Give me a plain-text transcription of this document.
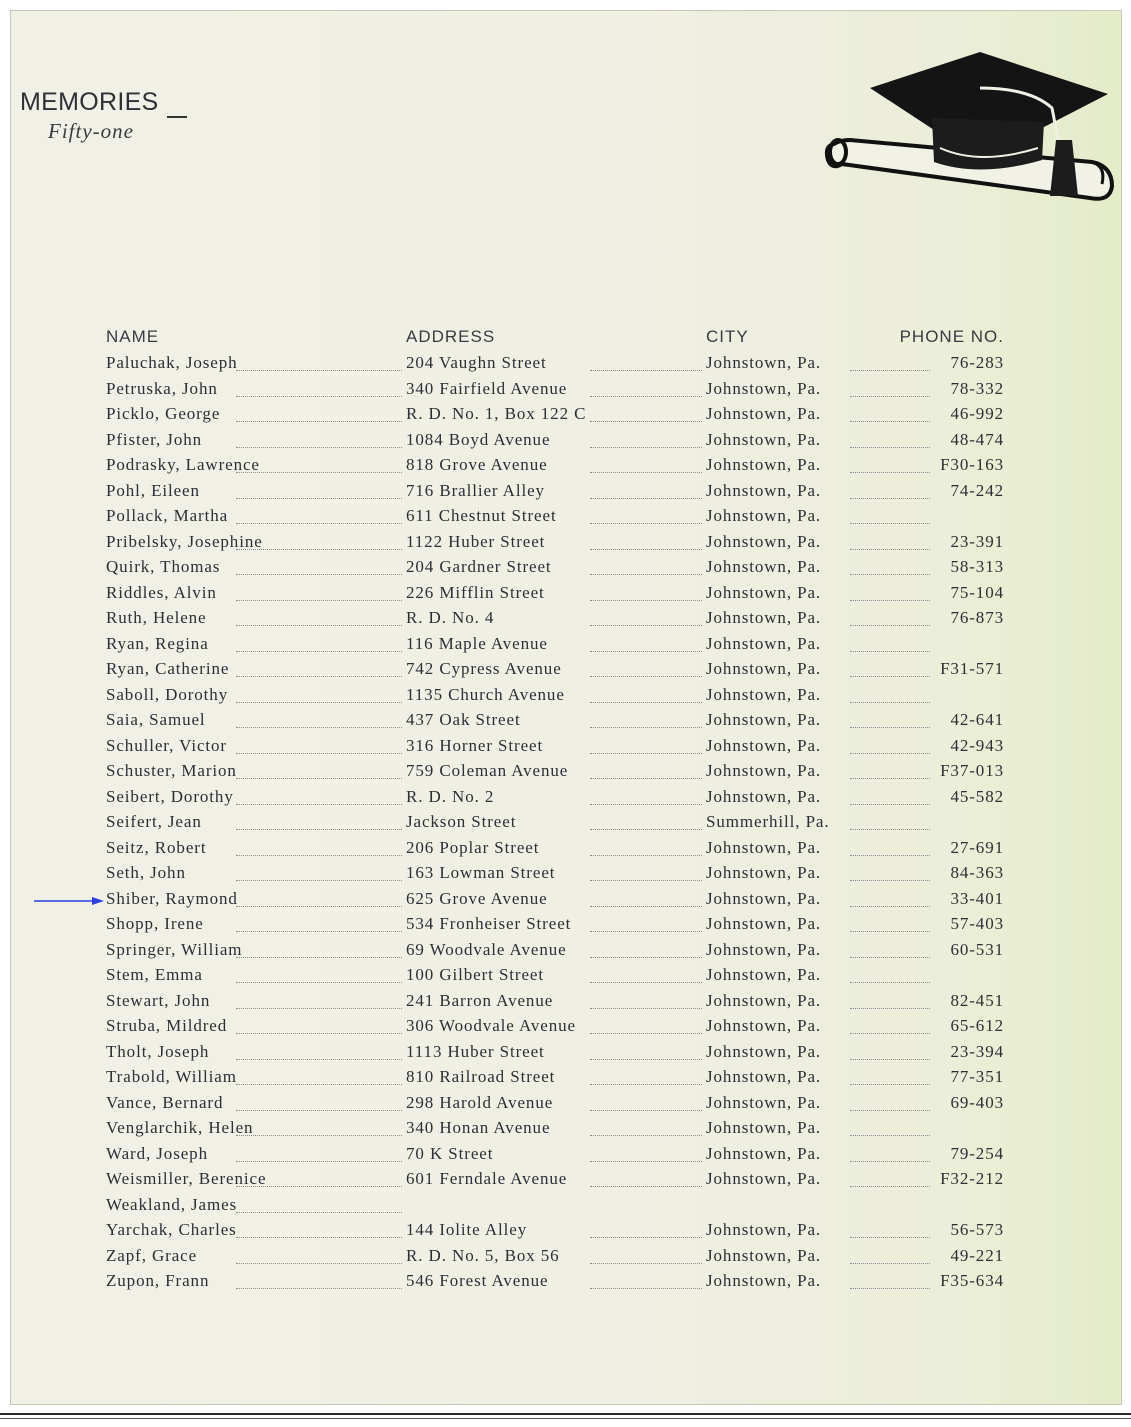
MEMORIES
Fifty-one
NAME	ADDRESS	CITY	PHONE NO.
Paluchak, Joseph	204 Vaughn Street	Johnstown, Pa.	76-283
Petruska, John	340 Fairfield Avenue	Johnstown, Pa.	78-332
Picklo, George	R. D. No. 1, Box 122 C	Johnstown, Pa.	46-992
Pfister, John	1084 Boyd Avenue	Johnstown, Pa.	48-474
Podrasky, Lawrence	818 Grove Avenue	Johnstown, Pa.	F30-163
Pohl, Eileen	716 Brallier Alley	Johnstown, Pa.	74-242
Pollack, Martha	611 Chestnut Street	Johnstown, Pa.
Pribelsky, Josephine	1122 Huber Street	Johnstown, Pa.	23-391
Quirk, Thomas	204 Gardner Street	Johnstown, Pa.	58-313
Riddles, Alvin	226 Mifflin Street	Johnstown, Pa.	75-104
Ruth, Helene	R. D. No. 4	Johnstown, Pa.	76-873
Ryan, Regina	116 Maple Avenue	Johnstown, Pa.
Ryan, Catherine	742 Cypress Avenue	Johnstown, Pa.	F31-571
Saboll, Dorothy	1135 Church Avenue	Johnstown, Pa.
Saia, Samuel	437 Oak Street	Johnstown, Pa.	42-641
Schuller, Victor	316 Horner Street	Johnstown, Pa.	42-943
Schuster, Marion	759 Coleman Avenue	Johnstown, Pa.	F37-013
Seibert, Dorothy	R. D. No. 2	Johnstown, Pa.	45-582
Seifert, Jean	Jackson Street	Summerhill, Pa.
Seitz, Robert	206 Poplar Street	Johnstown, Pa.	27-691
Seth, John	163 Lowman Street	Johnstown, Pa.	84-363
Shiber, Raymond	625 Grove Avenue	Johnstown, Pa.	33-401
Shopp, Irene	534 Fronheiser Street	Johnstown, Pa.	57-403
Springer, William	69 Woodvale Avenue	Johnstown, Pa.	60-531
Stem, Emma	100 Gilbert Street	Johnstown, Pa.
Stewart, John	241 Barron Avenue	Johnstown, Pa.	82-451
Struba, Mildred	306 Woodvale Avenue	Johnstown, Pa.	65-612
Tholt, Joseph	1113 Huber Street	Johnstown, Pa.	23-394
Trabold, William	810 Railroad Street	Johnstown, Pa.	77-351
Vance, Bernard	298 Harold Avenue	Johnstown, Pa.	69-403
Venglarchik, Helen	340 Honan Avenue	Johnstown, Pa.
Ward, Joseph	70 K Street	Johnstown, Pa.	79-254
Weismiller, Berenice	601 Ferndale Avenue	Johnstown, Pa.	F32-212
Weakland, James
Yarchak, Charles	144 Iolite Alley	Johnstown, Pa.	56-573
Zapf, Grace	R. D. No. 5, Box 56	Johnstown, Pa.	49-221
Zupon, Frann	546 Forest Avenue	Johnstown, Pa.	F35-634
